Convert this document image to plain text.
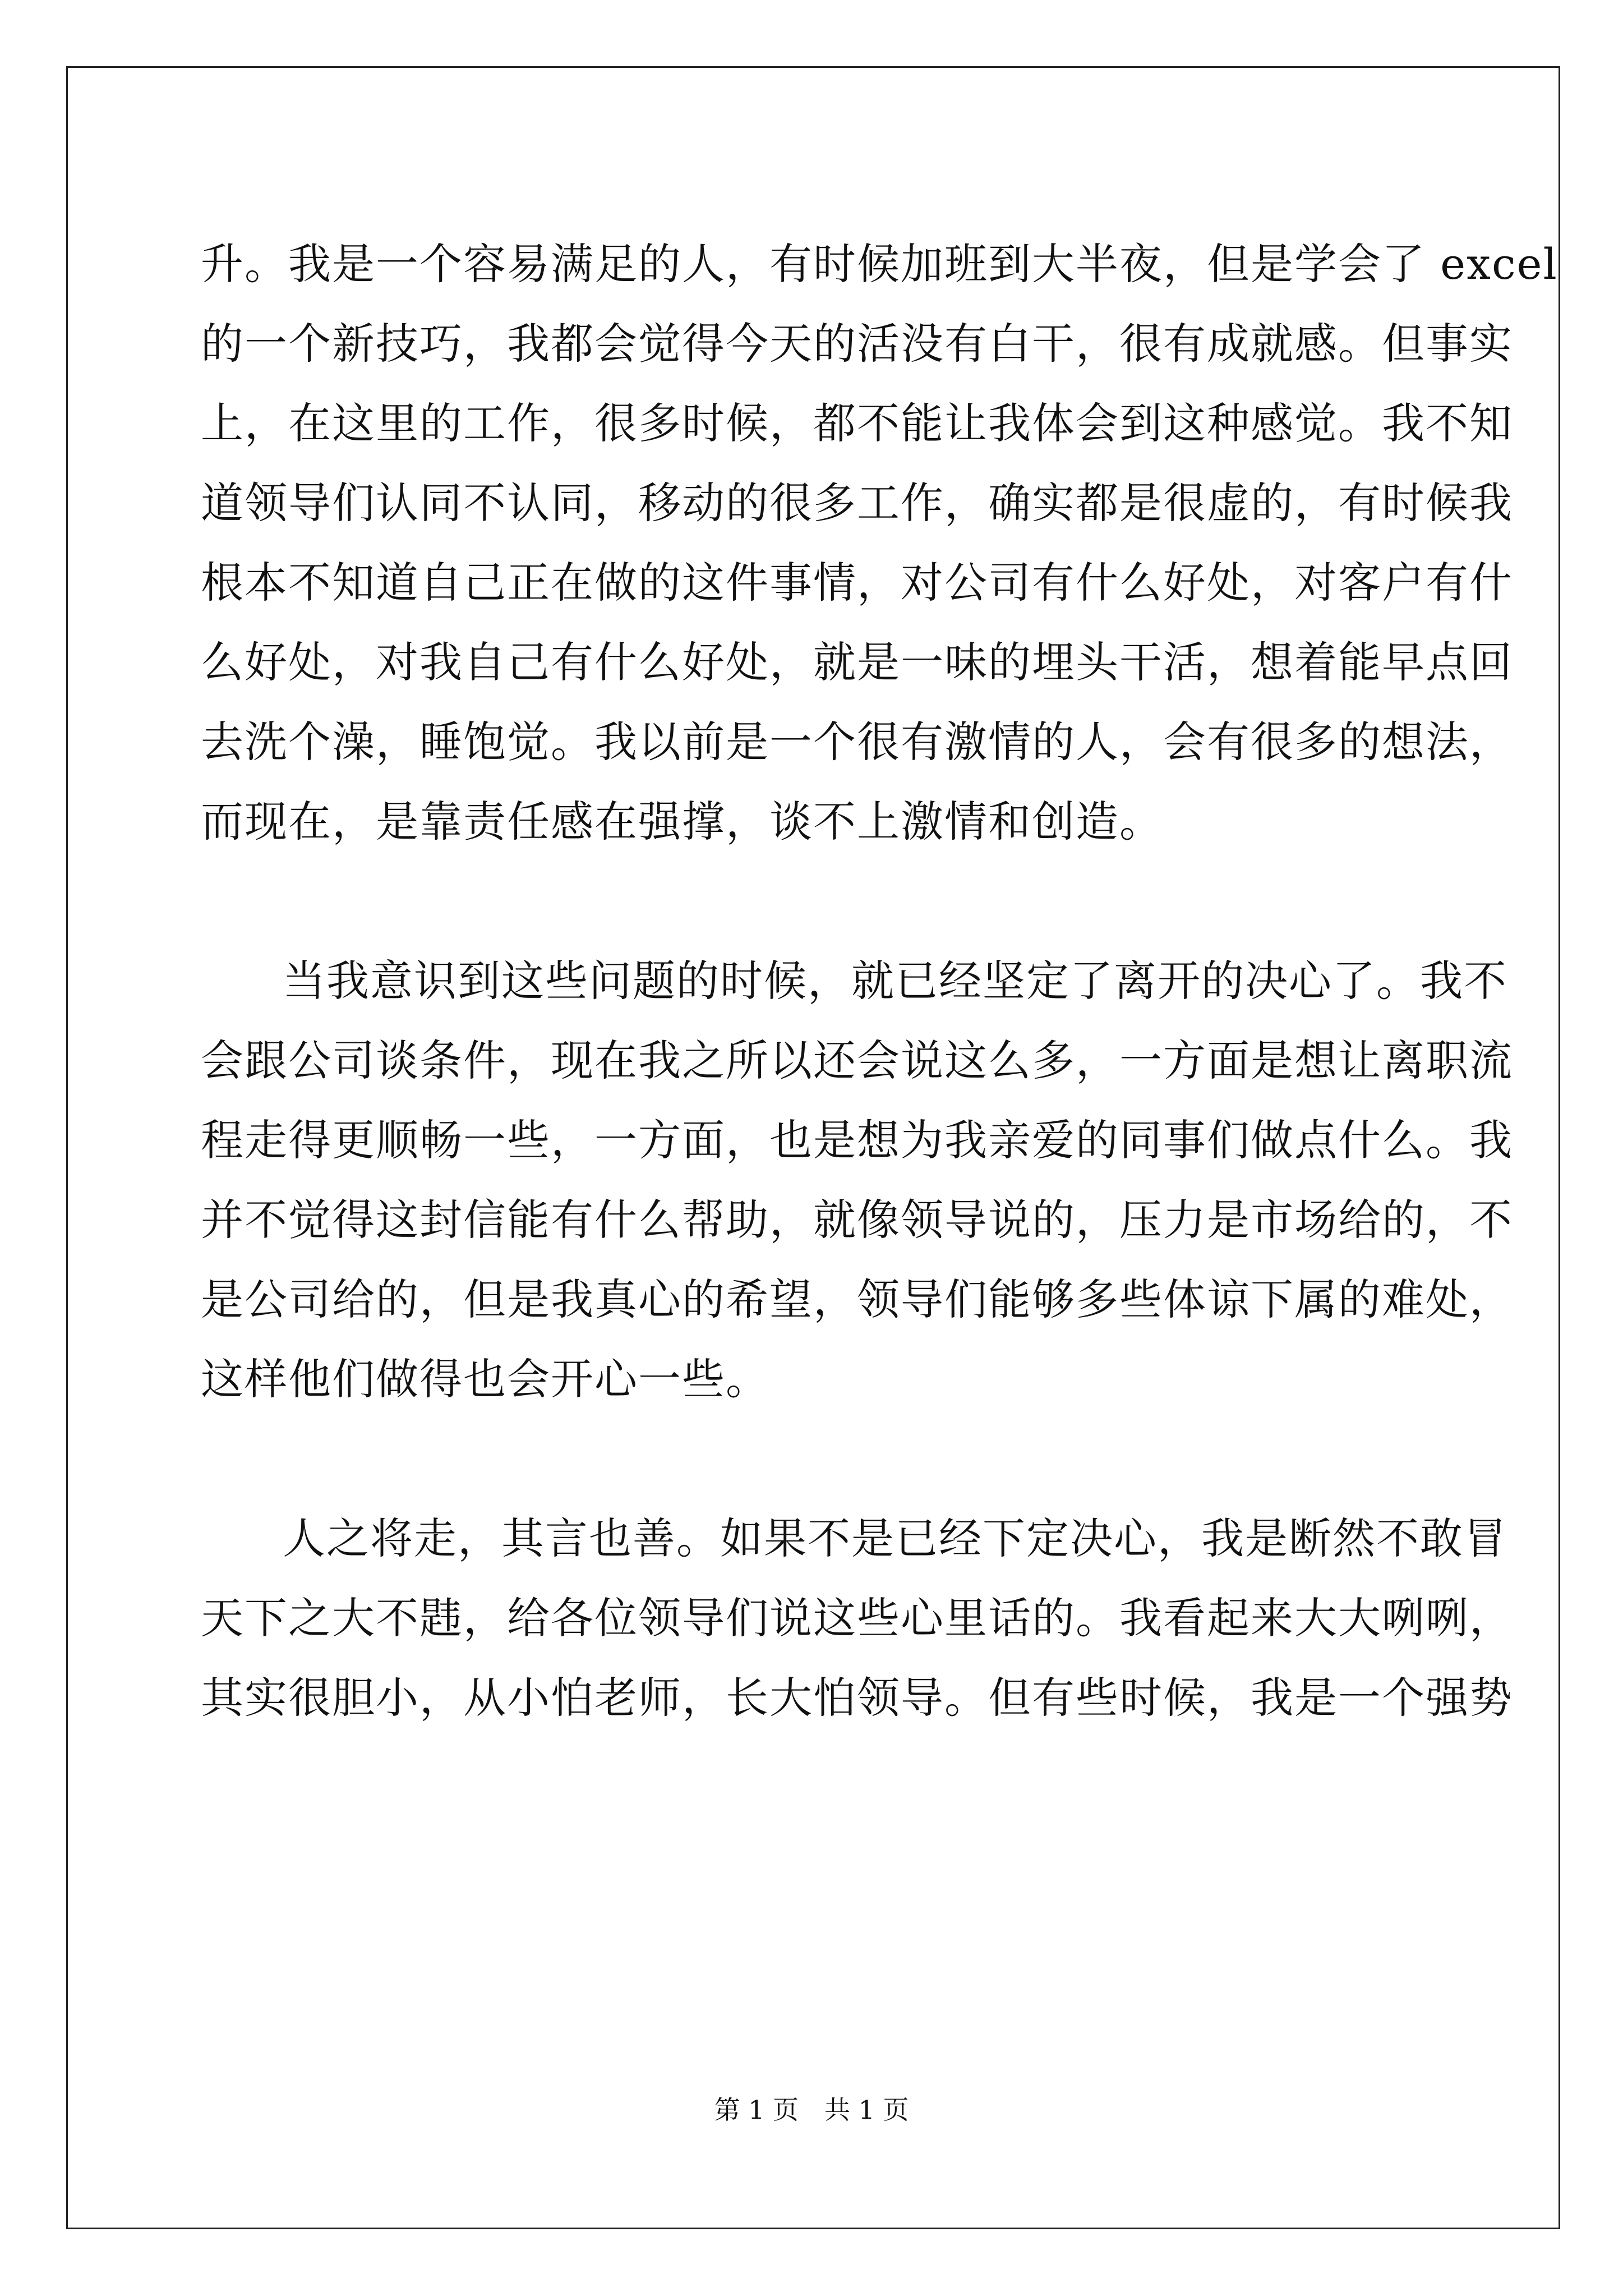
升。我是一个容易满足的人，有时候加班到大半夜，但是学会了 excel
的一个新技巧，我都会觉得今天的活没有白干，很有成就感。但事实
上，在这里的工作，很多时候，都不能让我体会到这种感觉。我不知
道领导们认同不认同，移动的很多工作，确实都是很虚的，有时候我
根本不知道自己正在做的这件事情，对公司有什么好处，对客户有什
么好处，对我自己有什么好处，就是一味的埋头干活，想着能早点回
去洗个澡，睡饱觉。我以前是一个很有激情的人，会有很多的想法，
而现在，是靠责任感在强撑，谈不上激情和创造。
当我意识到这些问题的时候，就已经坚定了离开的决心了。我不
会跟公司谈条件，现在我之所以还会说这么多，一方面是想让离职流
程走得更顺畅一些，一方面，也是想为我亲爱的同事们做点什么。我
并不觉得这封信能有什么帮助，就像领导说的，压力是市场给的，不
是公司给的，但是我真心的希望，领导们能够多些体谅下属的难处，
这样他们做得也会开心一些。
人之将走，其言也善。如果不是已经下定决心，我是断然不敢冒
天下之大不韪，给各位领导们说这些心里话的。我看起来大大咧咧，
其实很胆小，从小怕老师，长大怕领导。但有些时候，我是一个强势
第 1 页　共 1 页
